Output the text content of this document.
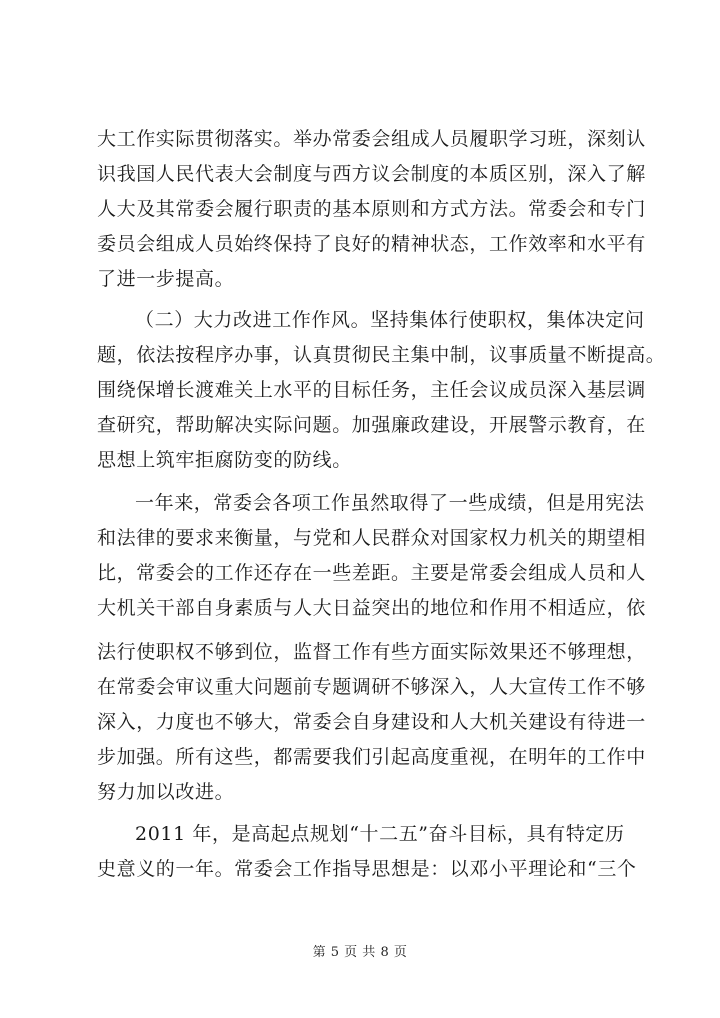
大工作实际贯彻落实。举办常委会组成人员履职学习班，深刻认
识我国人民代表大会制度与西方议会制度的本质区别，深入了解
人大及其常委会履行职责的基本原则和方式方法。常委会和专门
委员会组成人员始终保持了良好的精神状态，工作效率和水平有
了进一步提高。
（二）大力改进工作作风。坚持集体行使职权，集体决定问
题，依法按程序办事，认真贯彻民主集中制，议事质量不断提高。
围绕保增长渡难关上水平的目标任务，主任会议成员深入基层调
查研究，帮助解决实际问题。加强廉政建设，开展警示教育，在
思想上筑牢拒腐防变的防线。
一年来，常委会各项工作虽然取得了一些成绩，但是用宪法
和法律的要求来衡量，与党和人民群众对国家权力机关的期望相
比，常委会的工作还存在一些差距。主要是常委会组成人员和人
大机关干部自身素质与人大日益突出的地位和作用不相适应，依
法行使职权不够到位，监督工作有些方面实际效果还不够理想，
在常委会审议重大问题前专题调研不够深入，人大宣传工作不够
深入，力度也不够大，常委会自身建设和人大机关建设有待进一
步加强。所有这些，都需要我们引起高度重视，在明年的工作中
努力加以改进。
2011 年，是高起点规划“十二五”奋斗目标，具有特定历
史意义的一年。常委会工作指导思想是：以邓小平理论和“三个
第 5 页 共 8 页
